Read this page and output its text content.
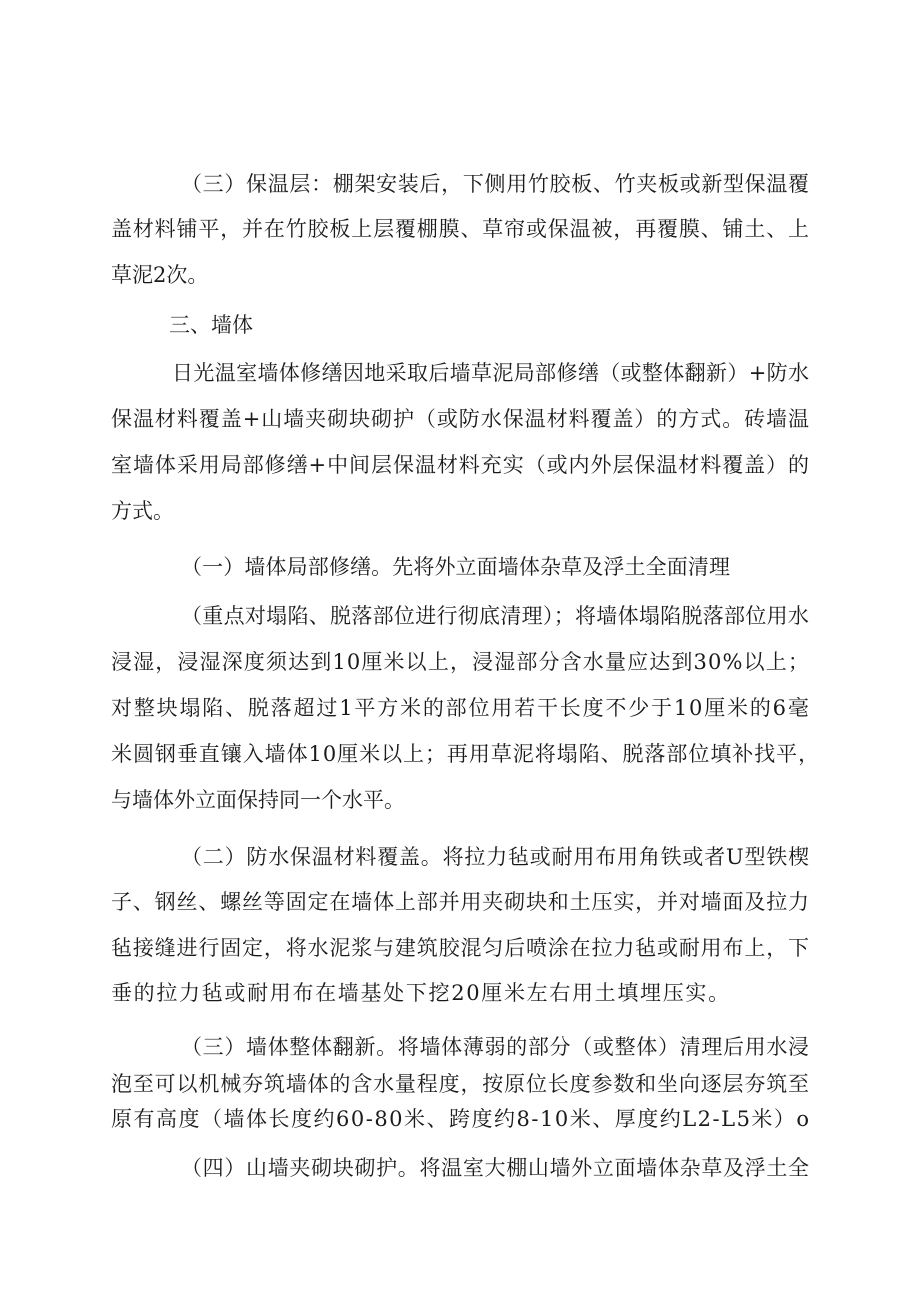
（三）保温层：棚架安装后，下侧用竹胶板、竹夹板或新型保温覆
盖材料铺平，并在竹胶板上层覆棚膜、草帘或保温被，再覆膜、铺土、上
草泥2次。
三、墙体
日光温室墙体修缮因地采取后墙草泥局部修缮（或整体翻新）+防水
保温材料覆盖+山墙夹砌块砌护（或防水保温材料覆盖）的方式。砖墙温
室墙体采用局部修缮+中间层保温材料充实（或内外层保温材料覆盖）的
方式。
（一）墙体局部修缮。先将外立面墙体杂草及浮土全面清理
（重点对塌陷、脱落部位进行彻底清理）；将墙体塌陷脱落部位用水
浸湿，浸湿深度须达到10厘米以上，浸湿部分含水量应达到30%以上；
对整块塌陷、脱落超过1平方米的部位用若干长度不少于10厘米的6毫
米圆钢垂直镶入墙体10厘米以上；再用草泥将塌陷、脱落部位填补找平，
与墙体外立面保持同一个水平。
（二）防水保温材料覆盖。将拉力毡或耐用布用角铁或者U型铁楔
子、钢丝、螺丝等固定在墙体上部并用夹砌块和土压实，并对墙面及拉力
毡接缝进行固定，将水泥浆与建筑胶混匀后喷涂在拉力毡或耐用布上，下
垂的拉力毡或耐用布在墙基处下挖20厘米左右用土填埋压实。
（三）墙体整体翻新。将墙体薄弱的部分（或整体）清理后用水浸
泡至可以机械夯筑墙体的含水量程度，按原位长度参数和坐向逐层夯筑至
原有高度（墙体长度约60-80米、跨度约8-10米、厚度约L2-L5米）o
（四）山墙夹砌块砌护。将温室大棚山墙外立面墙体杂草及浮土全
